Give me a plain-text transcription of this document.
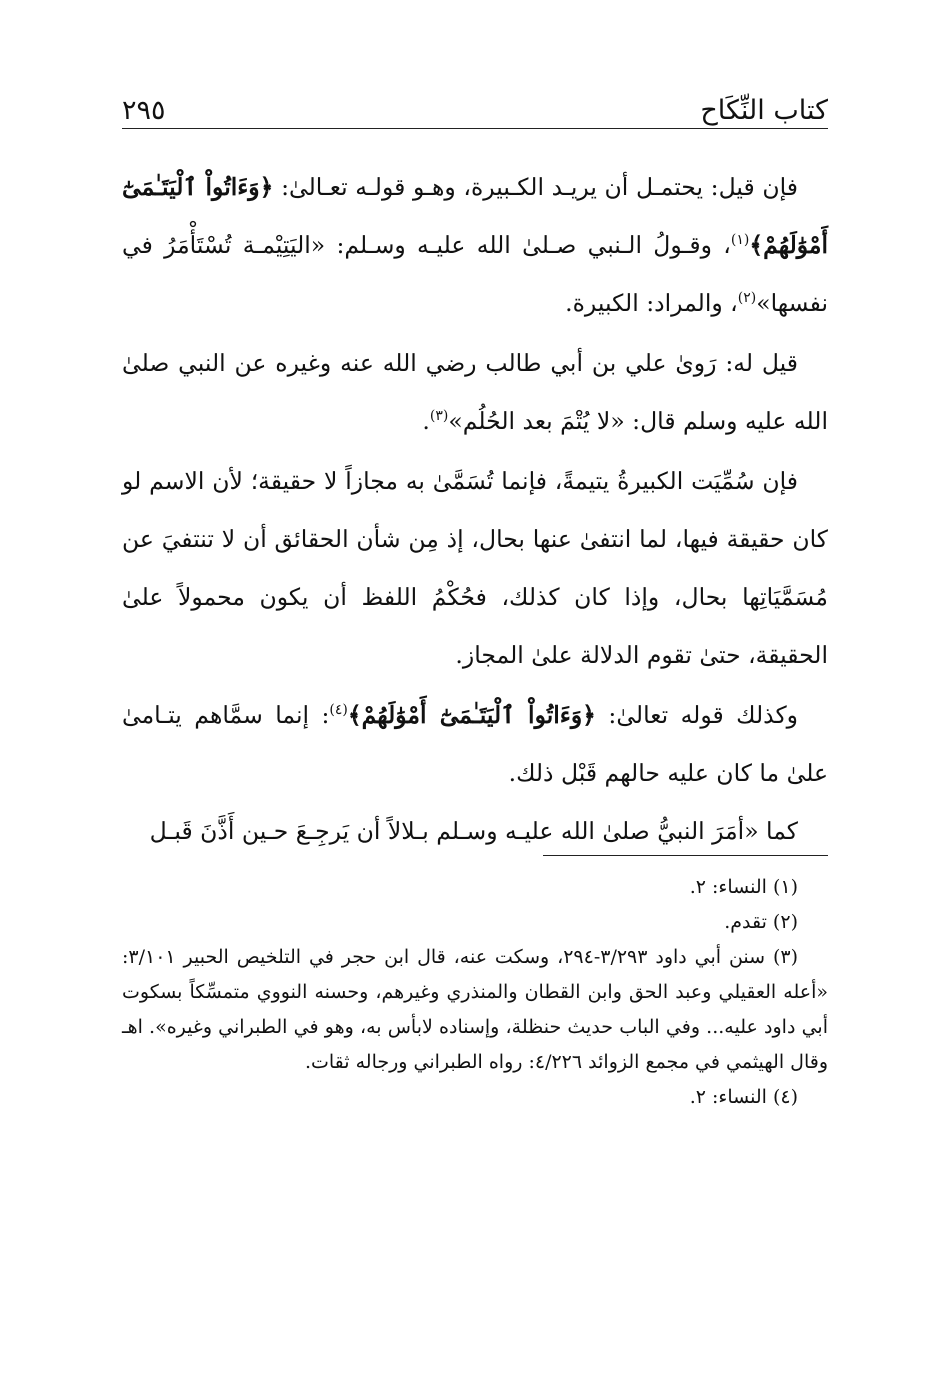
كتاب النِّكَاح
٢٩٥

فإن قيل: يحتمـل أن يريـد الكـبيرة، وهـو قولـه تعـالىٰ: ﴿وَءَاتُواْ ٱلْيَتَـٰمَىٰٓ أَمْوَٰلَهُمْ﴾$^{(١)}$، وقـولُ الـنبي صـلىٰ الله عليـه وسـلم: «اليَتِيْمـة تُسْتَأْمَرُ في نفسها»$^{(٢)}$، والمراد: الكبيرة.

قيل له: رَوىٰ علي بن أبي طالب رضي الله عنه وغيره عن النبي صلىٰ الله عليه وسلم قال: «لا يُتْمَ بعد الحُلُم»$^{(٣)}$.

فإن سُمِّيَت الكبيرةُ يتيمةً، فإنما تُسَمَّىٰ به مجازاً لا حقيقة؛ لأن الاسم لو كان حقيقة فيها، لما انتفىٰ عنها بحال، إذ مِن شأن الحقائق أن لا تنتفيَ عن مُسَمَّيَاتِها بحال، وإذا كان كذلك، فحُكْمُ اللفظ أن يكون محمولاً علىٰ الحقيقة، حتىٰ تقوم الدلالة علىٰ المجاز.

وكذلك قوله تعالىٰ: ﴿وَءَاتُواْ ٱلْيَتَـٰمَىٰٓ أَمْوَٰلَهُمْ﴾$^{(٤)}$: إنما سمَّاهم يتـامىٰ علىٰ ما كان عليه حالهم قَبْل ذلك.

كما «أمَرَ النبيُّ صلىٰ الله عليـه وسـلم بـلالاً أن يَرجِـعَ حـين أَذَّنَ قَبـل

(١) النساء: ٢.

(٢) تقدم.

(٣) سنن أبي داود ٣/٢٩٣-٢٩٤، وسكت عنه، قال ابن حجر في التلخيص الحبير ٣/١٠١: «أعله العقيلي وعبد الحق وابن القطان والمنذري وغيرهم، وحسنه النووي متمسِّكاً بسكوت أبي داود عليه... وفي الباب حديث حنظلة، وإسناده لابأس به، وهو في الطبراني وغيره». اهـ وقال الهيثمي في مجمع الزوائد ٤/٢٢٦: رواه الطبراني ورجاله ثقات.

(٤) النساء: ٢.
